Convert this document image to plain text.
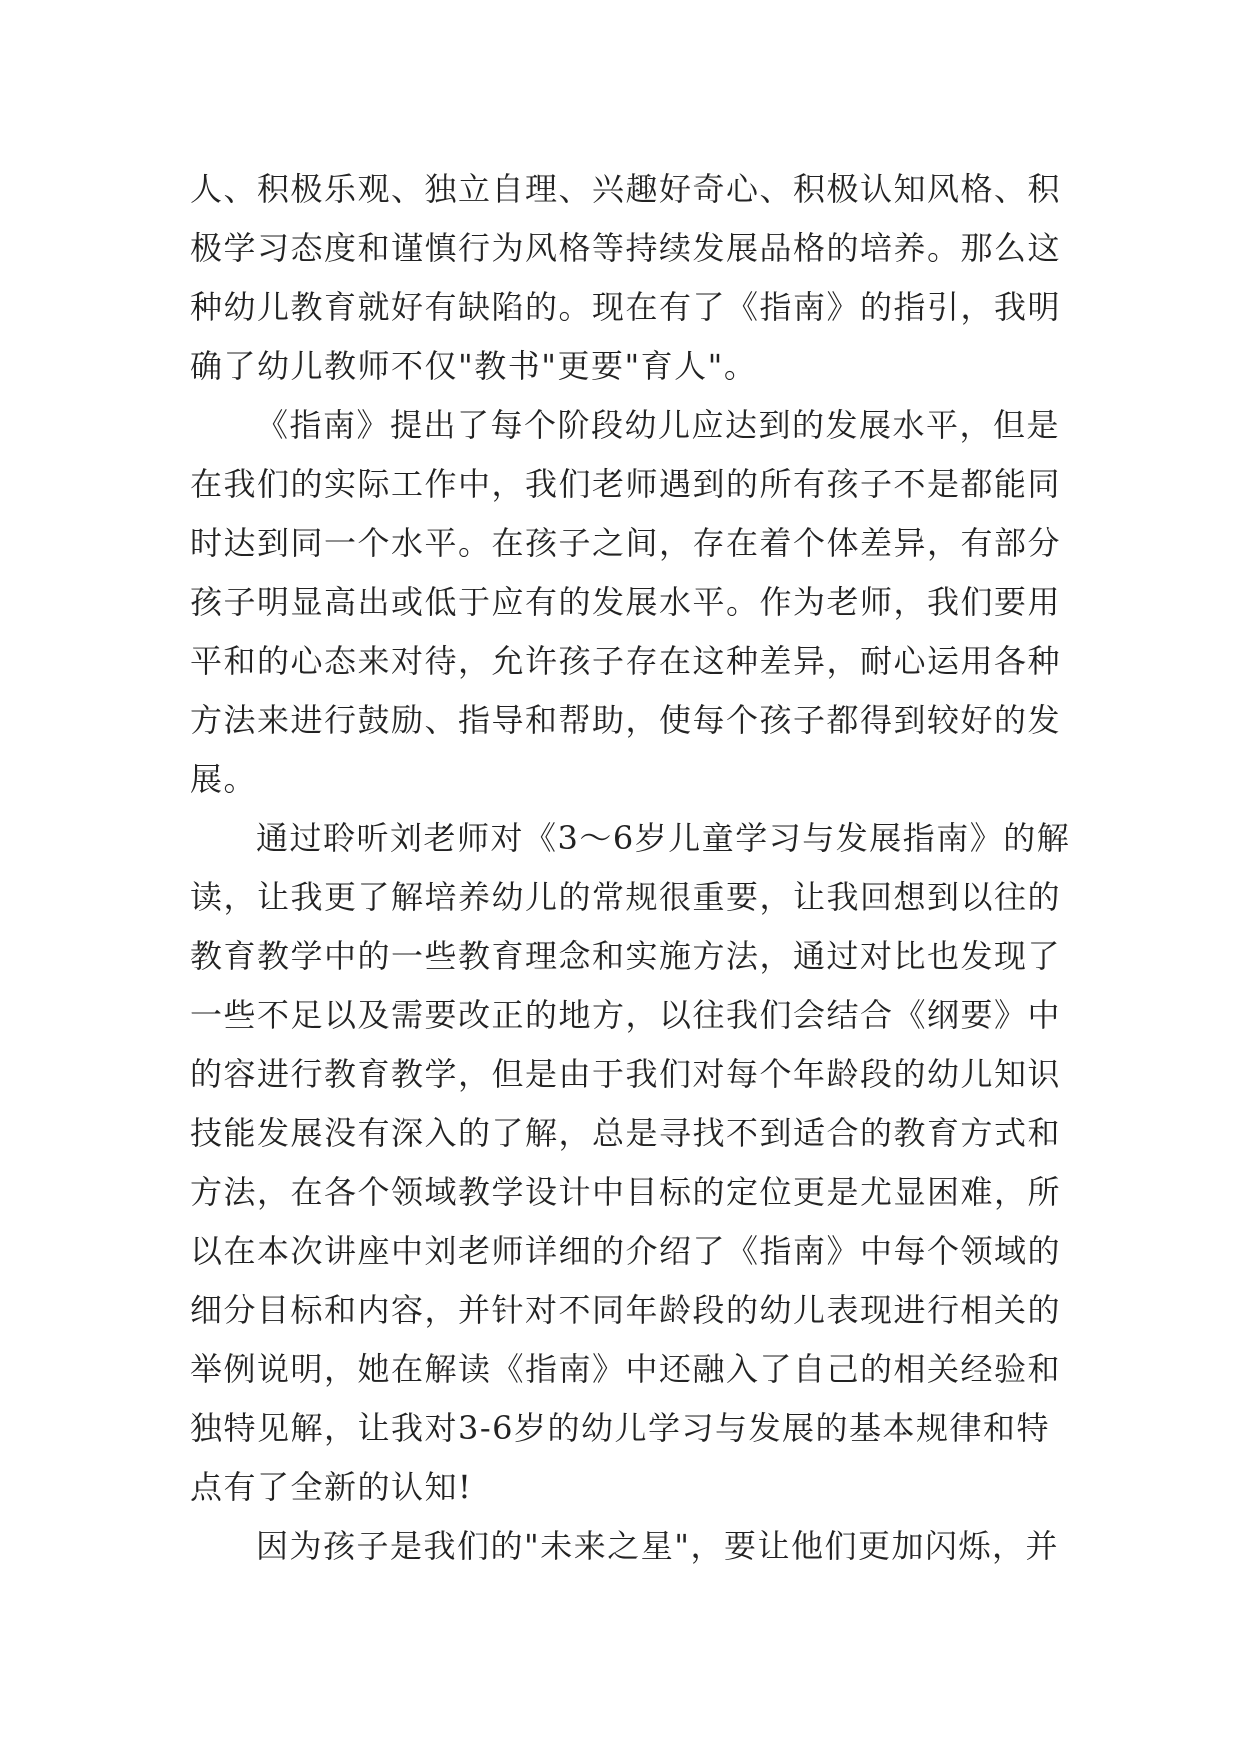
人、积极乐观、独立自理、兴趣好奇心、积极认知风格、积
极学习态度和谨慎行为风格等持续发展品格的培养。那么这
种幼儿教育就好有缺陷的。现在有了《指南》的指引，我明
确了幼儿教师不仅"教书"更要"育人"。
《指南》提出了每个阶段幼儿应达到的发展水平，但是
在我们的实际工作中，我们老师遇到的所有孩子不是都能同
时达到同一个水平。在孩子之间，存在着个体差异，有部分
孩子明显高出或低于应有的发展水平。作为老师，我们要用
平和的心态来对待，允许孩子存在这种差异，耐心运用各种
方法来进行鼓励、指导和帮助，使每个孩子都得到较好的发
展。
通过聆听刘老师对《3～6岁儿童学习与发展指南》的解
读，让我更了解培养幼儿的常规很重要，让我回想到以往的
教育教学中的一些教育理念和实施方法，通过对比也发现了
一些不足以及需要改正的地方，以往我们会结合《纲要》中
的容进行教育教学，但是由于我们对每个年龄段的幼儿知识
技能发展没有深入的了解，总是寻找不到适合的教育方式和
方法，在各个领域教学设计中目标的定位更是尤显困难，所
以在本次讲座中刘老师详细的介绍了《指南》中每个领域的
细分目标和内容，并针对不同年龄段的幼儿表现进行相关的
举例说明，她在解读《指南》中还融入了自己的相关经验和
独特见解，让我对3-6岁的幼儿学习与发展的基本规律和特
点有了全新的认知!
因为孩子是我们的"未来之星"，要让他们更加闪烁，并
